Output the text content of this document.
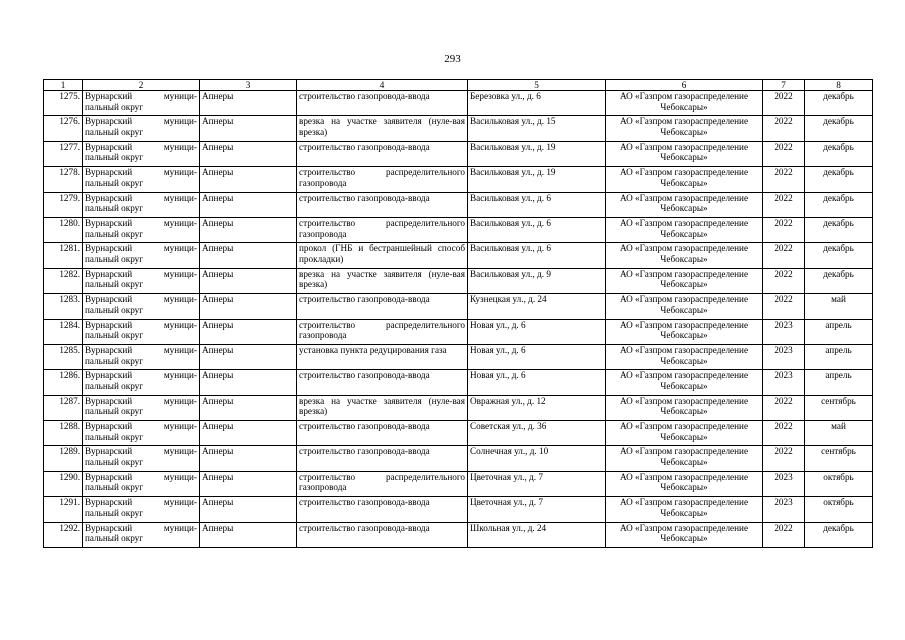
293
1	2	3	4	5	6	7	8
1275.	Вурнарский муници-пальный округ	Апнеры	строительство газопровода-ввода	Березовка ул., д. 6	АО «Газпром газораспределение Чебоксары»	2022	декабрь
1276.	Вурнарский муници-пальный округ	Апнеры	врезка на участке заявителя (нуле-вая врезка)	Васильковая ул., д. 15	АО «Газпром газораспределение Чебоксары»	2022	декабрь
1277.	Вурнарский муници-пальный округ	Апнеры	строительство газопровода-ввода	Васильковая ул., д. 19	АО «Газпром газораспределение Чебоксары»	2022	декабрь
1278.	Вурнарский муници-пальный округ	Апнеры	строительство распределительного газопровода	Васильковая ул., д. 19	АО «Газпром газораспределение Чебоксары»	2022	декабрь
1279.	Вурнарский муници-пальный округ	Апнеры	строительство газопровода-ввода	Васильковая ул., д. 6	АО «Газпром газораспределение Чебоксары»	2022	декабрь
1280.	Вурнарский муници-пальный округ	Апнеры	строительство распределительного газопровода	Васильковая ул., д. 6	АО «Газпром газораспределение Чебоксары»	2022	декабрь
1281.	Вурнарский муници-пальный округ	Апнеры	прокол (ГНБ и бестраншейный способ прокладки)	Васильковая ул., д. 6	АО «Газпром газораспределение Чебоксары»	2022	декабрь
1282.	Вурнарский муници-пальный округ	Апнеры	врезка на участке заявителя (нуле-вая врезка)	Васильковая ул., д. 9	АО «Газпром газораспределение Чебоксары»	2022	декабрь
1283.	Вурнарский муници-пальный округ	Апнеры	строительство газопровода-ввода	Кузнецкая ул., д. 24	АО «Газпром газораспределение Чебоксары»	2022	май
1284.	Вурнарский муници-пальный округ	Апнеры	строительство распределительного газопровода	Новая ул., д. 6	АО «Газпром газораспределение Чебоксары»	2023	апрель
1285.	Вурнарский муници-пальный округ	Апнеры	установка пункта редуцирования газа	Новая ул., д. 6	АО «Газпром газораспределение Чебоксары»	2023	апрель
1286.	Вурнарский муници-пальный округ	Апнеры	строительство газопровода-ввода	Новая ул., д. 6	АО «Газпром газораспределение Чебоксары»	2023	апрель
1287.	Вурнарский муници-пальный округ	Апнеры	врезка на участке заявителя (нуле-вая врезка)	Овражная ул., д. 12	АО «Газпром газораспределение Чебоксары»	2022	сентябрь
1288.	Вурнарский муници-пальный округ	Апнеры	строительство газопровода-ввода	Советская ул., д. 36	АО «Газпром газораспределение Чебоксары»	2022	май
1289.	Вурнарский муници-пальный округ	Апнеры	строительство газопровода-ввода	Солнечная ул., д. 10	АО «Газпром газораспределение Чебоксары»	2022	сентябрь
1290.	Вурнарский муници-пальный округ	Апнеры	строительство распределительного газопровода	Цветочная ул., д. 7	АО «Газпром газораспределение Чебоксары»	2023	октябрь
1291.	Вурнарский муници-пальный округ	Апнеры	строительство газопровода-ввода	Цветочная ул., д. 7	АО «Газпром газораспределение Чебоксары»	2023	октябрь
1292.	Вурнарский муници-пальный округ	Апнеры	строительство газопровода-ввода	Школьная ул., д. 24	АО «Газпром газораспределение Чебоксары»	2022	декабрь
